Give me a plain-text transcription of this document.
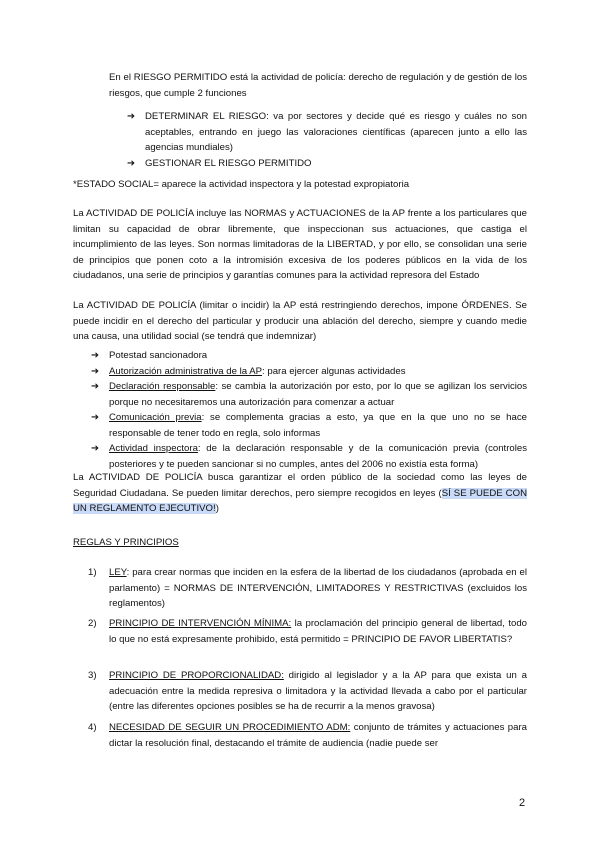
En el RIESGO PERMITIDO está la actividad de policía: derecho de regulación y de gestión de los riesgos, que cumple 2 funciones
➔ DETERMINAR EL RIESGO: va por sectores y decide qué es riesgo y cuáles no son aceptables, entrando en juego las valoraciones científicas (aparecen junto a ello las agencias mundiales)
➔ GESTIONAR EL RIESGO PERMITIDO
*ESTADO SOCIAL= aparece la actividad inspectora y la potestad expropiatoria
La ACTIVIDAD DE POLICÍA incluye las NORMAS y ACTUACIONES de la AP frente a los particulares que limitan su capacidad de obrar libremente, que inspeccionan sus actuaciones, que castiga el incumplimiento de las leyes. Son normas limitadoras de la LIBERTAD, y por ello, se consolidan una serie de principios que ponen coto a la intromisión excesiva de los poderes públicos en la vida de los ciudadanos, una serie de principios y garantías comunes para la actividad represora del Estado
La ACTIVIDAD DE POLICÍA (limitar o incidir) la AP está restringiendo derechos, impone ÓRDENES. Se puede incidir en el derecho del particular y producir una ablación del derecho, siempre y cuando medie una causa, una utilidad social (se tendrá que indemnizar)
➔ Potestad sancionadora
➔ Autorización administrativa de la AP: para ejercer algunas actividades
➔ Declaración responsable: se cambia la autorización por esto, por lo que se agilizan los servicios porque no necesitaremos una autorización para comenzar a actuar
➔ Comunicación previa: se complementa gracias a esto, ya que en la que uno no se hace responsable de tener todo en regla, solo informas
➔ Actividad inspectora: de la declaración responsable y de la comunicación previa (controles posteriores y te pueden sancionar si no cumples, antes del 2006 no existía esta forma)
La ACTIVIDAD DE POLICÍA busca garantizar el orden público de la sociedad como las leyes de Seguridad Ciudadana. Se pueden limitar derechos, pero siempre recogidos en leyes (SÍ SE PUEDE CON UN REGLAMENTO EJECUTIVO!)
REGLAS Y PRINCIPIOS
1) LEY: para crear normas que inciden en la esfera de la libertad de los ciudadanos (aprobada en el parlamento) = NORMAS DE INTERVENCIÓN, LIMITADORES Y RESTRICTIVAS (excluidos los reglamentos)
2) PRINCIPIO DE INTERVENCIÓN MÍNIMA: la proclamación del principio general de libertad, todo lo que no está expresamente prohibido, está permitido = PRINCIPIO DE FAVOR LIBERTATIS?
3) PRINCIPIO DE PROPORCIONALIDAD: dirigido al legislador y a la AP para que exista un a adecuación entre la medida represiva o limitadora y la actividad llevada a cabo por el particular (entre las diferentes opciones posibles se ha de recurrir a la menos gravosa)
4) NECESIDAD DE SEGUIR UN PROCEDIMIENTO ADM: conjunto de trámites y actuaciones para dictar la resolución final, destacando el trámite de audiencia (nadie puede ser
2
